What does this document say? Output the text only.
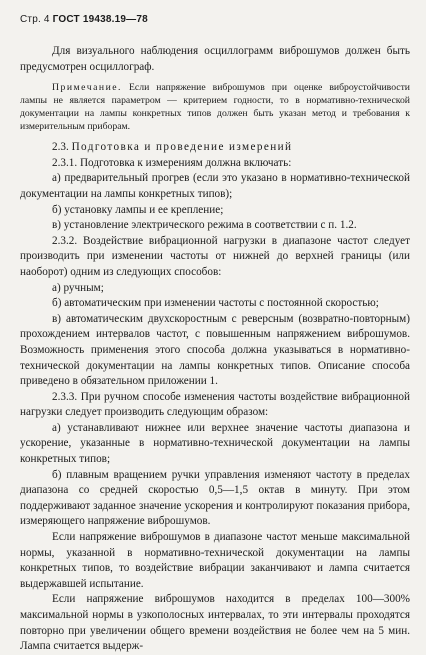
Стр. 4 ГОСТ 19438.19—78

Для визуального наблюдения осциллограмм виброшумов должен быть предусмотрен осциллограф.

Примечание. Если напряжение виброшумов при оценке виброустойчивости лампы не является параметром — критерием годности, то в нормативно-технической документации на лампы конкретных типов должен быть указан метод и требования к измерительным приборам.

2.3. Подготовка и проведение измерений

2.3.1. Подготовка к измерениям должна включать:

а) предварительный прогрев (если это указано в нормативно-технической документации на лампы конкретных типов);

б) установку лампы и ее крепление;

в) установление электрического режима в соответствии с п. 1.2.

2.3.2. Воздействие вибрационной нагрузки в диапазоне частот следует производить при изменении частоты от нижней до верхней границы (или наоборот) одним из следующих способов:

а) ручным;

б) автоматическим при изменении частоты с постоянной скоростью;

в) автоматическим двухскоростным с реверсным (возвратно-повторным) прохождением интервалов частот, с повышенным напряжением виброшумов. Возможность применения этого способа должна указываться в нормативно-технической документации на лампы конкретных типов. Описание способа приведено в обязательном приложении 1.

2.3.3. При ручном способе изменения частоты воздействие вибрационной нагрузки следует производить следующим образом:

а) устанавливают нижнее или верхнее значение частоты диапазона и ускорение, указанные в нормативно-технической документации на лампы конкретных типов;

б) плавным вращением ручки управления изменяют частоту в пределах диапазона со средней скоростью 0,5—1,5 октав в минуту. При этом поддерживают заданное значение ускорения и контролируют показания прибора, измеряющего напряжение виброшумов.

Если напряжение виброшумов в диапазоне частот меньше максимальной нормы, указанной в нормативно-технической документации на лампы конкретных типов, то воздействие вибрации заканчивают и лампа считается выдержавшей испытание.

Если напряжение виброшумов находится в пределах 100—300% максимальной нормы в узкополосных интервалах, то эти интервалы проходятся повторно при увеличении общего времени воздействия не более чем на 5 мин. Лампа считается выдерж-
